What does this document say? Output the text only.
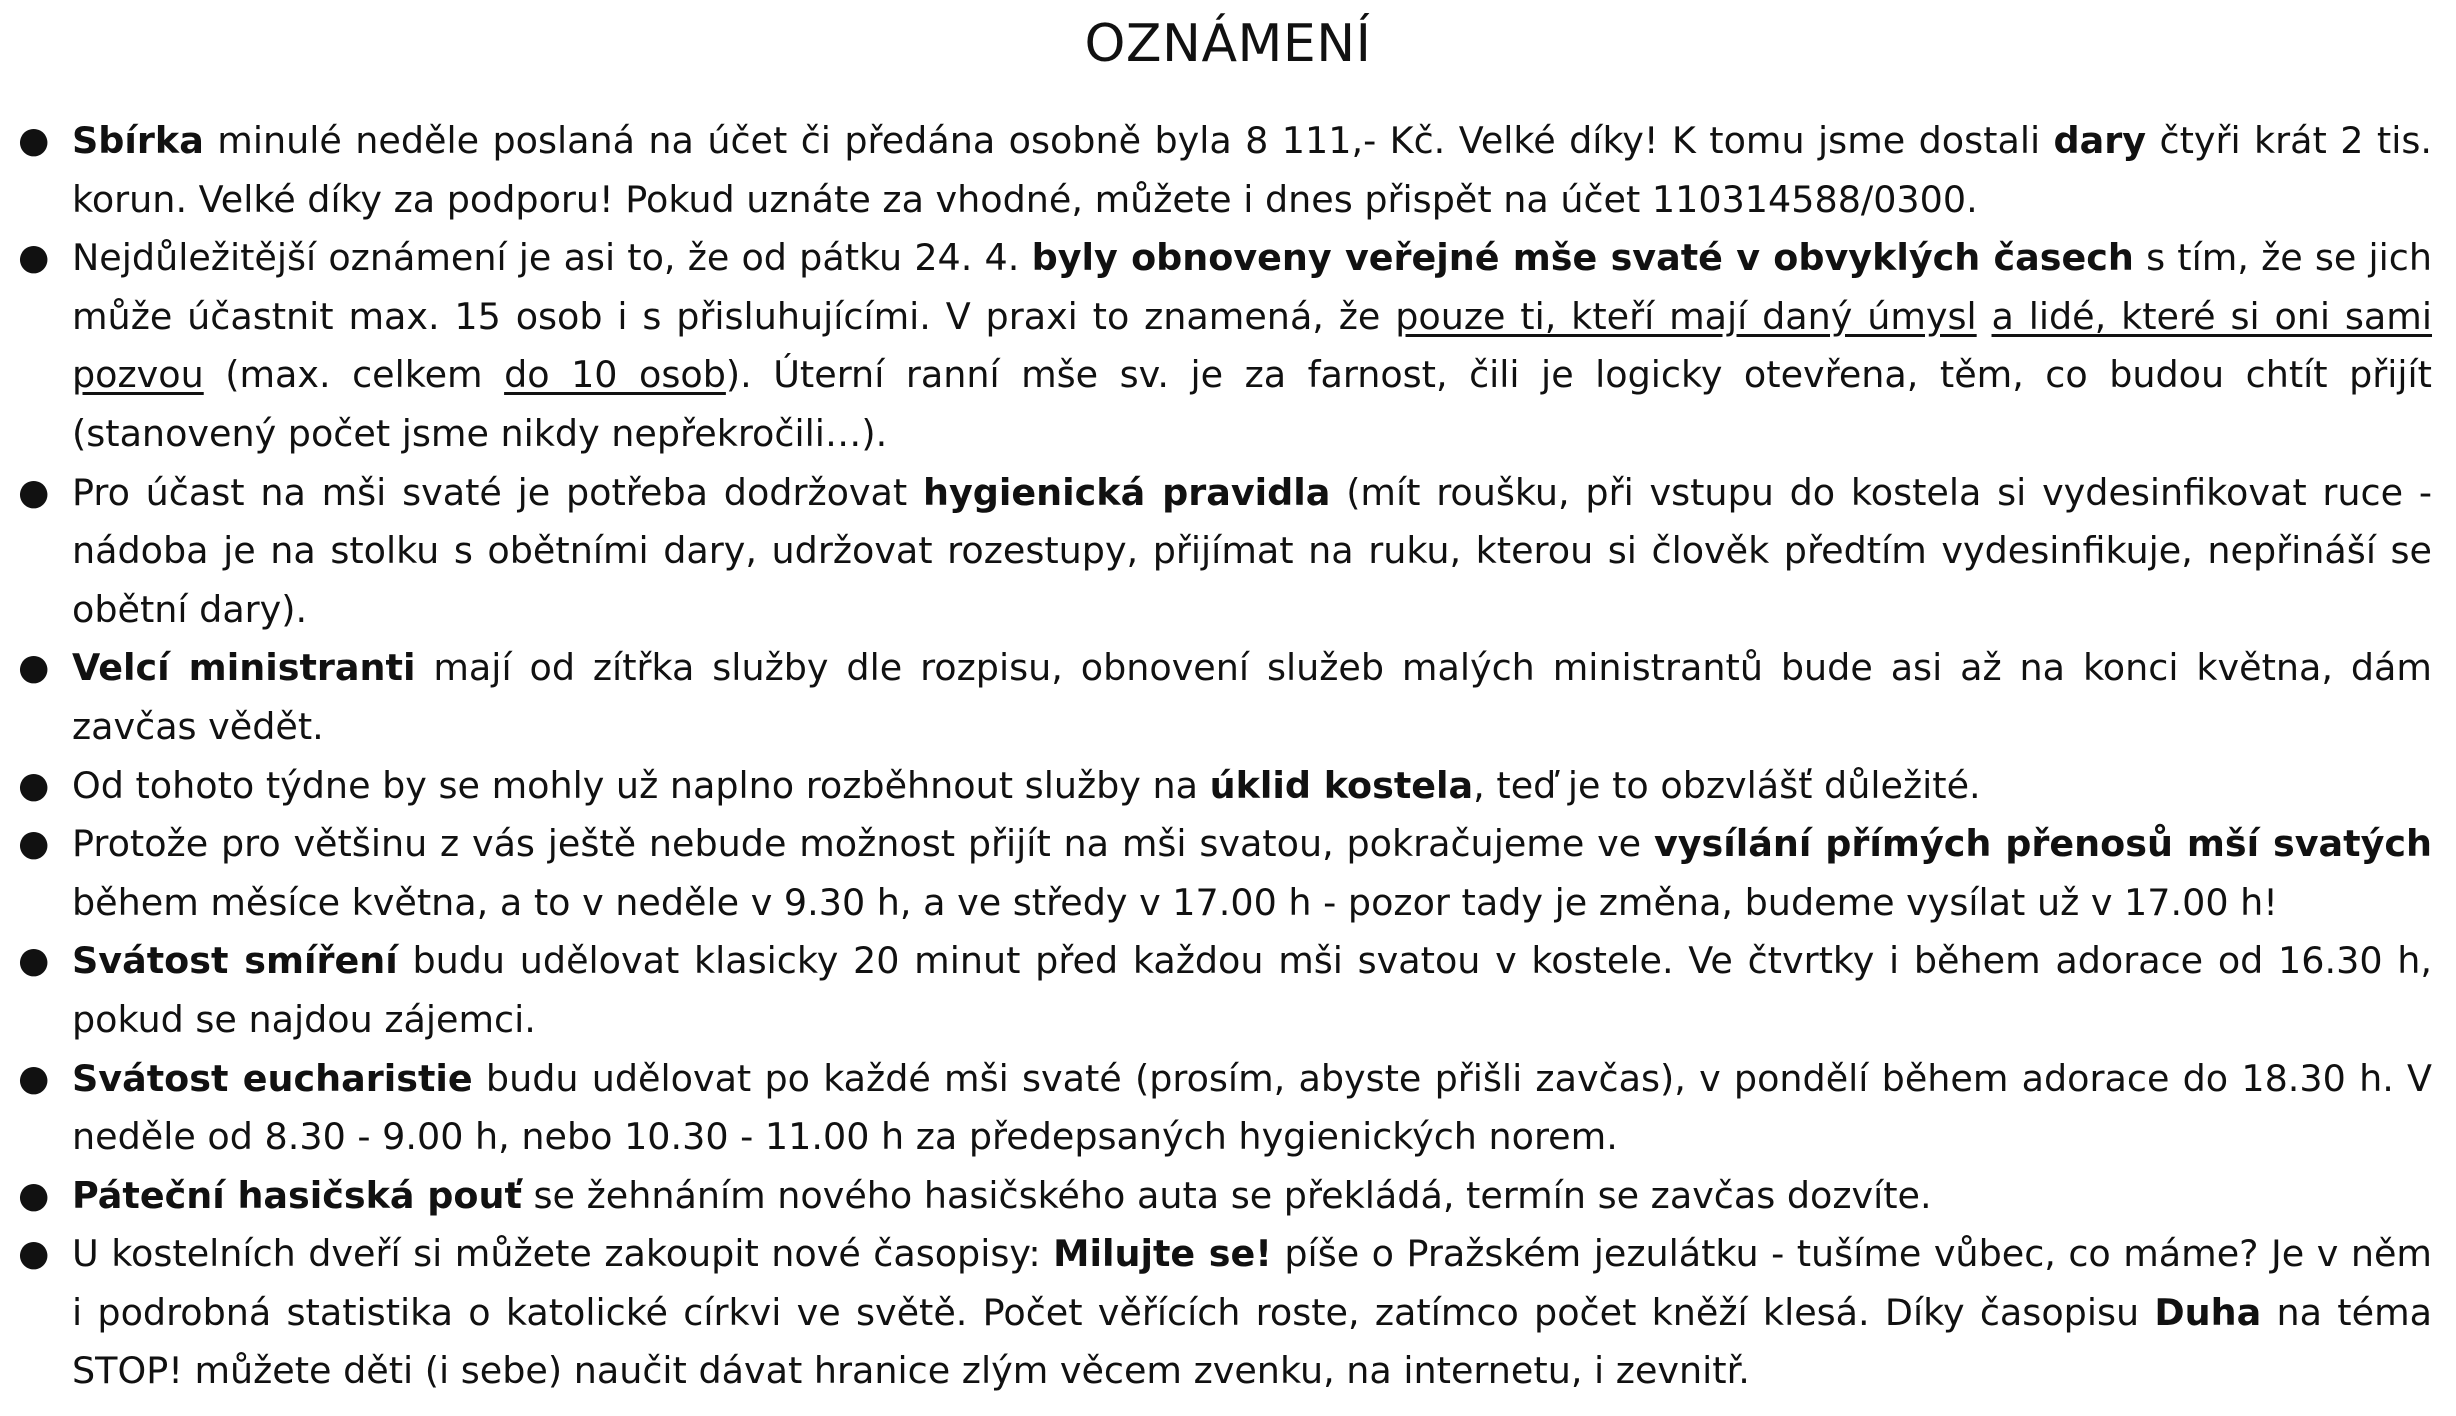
OZNÁMENÍ
● Sbírka minulé neděle poslaná na účet či předána osobně byla 8 111,- Kč. Velké díky! K tomu jsme dostali dary čtyři krát 2 tis. korun. Velké díky za podporu! Pokud uznáte za vhodné, můžete i dnes přispět na účet 110314588/0300.
● Nejdůležitější oznámení je asi to, že od pátku 24. 4. byly obnoveny veřejné mše svaté v obvyklých časech s tím, že se jich může účastnit max. 15 osob i s přisluhujícími. V praxi to znamená, že pouze ti, kteří mají daný úmysl a lidé, které si oni sami pozvou (max. celkem do 10 osob). Úterní ranní mše sv. je za farnost, čili je logicky otevřena, těm, co budou chtít přijít (stanovený počet jsme nikdy nepřekročili…).
● Pro účast na mši svaté je potřeba dodržovat hygienická pravidla (mít roušku, při vstupu do kostela si vydesinfikovat ruce - nádoba je na stolku s obětními dary, udržovat rozestupy, přijímat na ruku, kterou si člověk předtím vydesinfikuje, nepřináší se obětní dary).
● Velcí ministranti mají od zítřka služby dle rozpisu, obnovení služeb malých ministrantů bude asi až na konci května, dám zavčas vědět.
● Od tohoto týdne by se mohly už naplno rozběhnout služby na úklid kostela, teď je to obzvlášť důležité.
● Protože pro většinu z vás ještě nebude možnost přijít na mši svatou, pokračujeme ve vysílání přímých přenosů mší svatých během měsíce května, a to v neděle v 9.30 h, a ve středy v 17.00 h - pozor tady je změna, budeme vysílat už v 17.00 h!
● Svátost smíření budu udělovat klasicky 20 minut před každou mši svatou v kostele. Ve čtvrtky i během adorace od 16.30 h, pokud se najdou zájemci.
● Svátost eucharistie budu udělovat po každé mši svaté (prosím, abyste přišli zavčas), v pondělí během adorace do 18.30 h. V neděle od 8.30 - 9.00 h, nebo 10.30 - 11.00 h za předepsaných hygienických norem.
● Páteční hasičská pouť se žehnáním nového hasičského auta se překládá, termín se zavčas dozvíte.
● U kostelních dveří si můžete zakoupit nové časopisy: Milujte se! píše o Pražském jezulátku - tušíme vůbec, co máme? Je v něm i podrobná statistika o katolické církvi ve světě. Počet věřících roste, zatímco počet kněží klesá. Díky časopisu Duha na téma STOP! můžete děti (i sebe) naučit dávat hranice zlým věcem zvenku, na internetu, i zevnitř.
